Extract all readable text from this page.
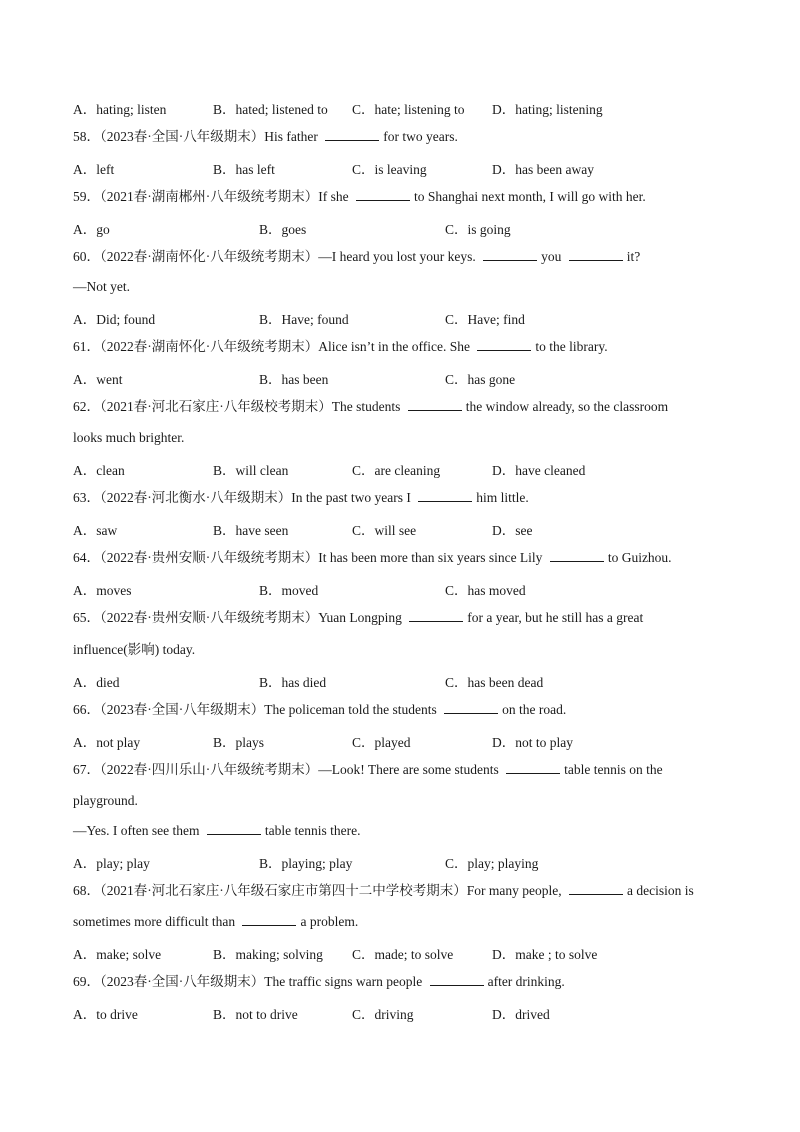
A．hating; listen	B．hated; listened to C．hate; listening to D．hating; listening
58．（2023春·全国·八年级期末）His father	for two years.
A．left	B．has left	C．is leaving	D．has been away
59．（2021春·湖南郴州·八年级统考期末）If she	to Shanghai next month, I will go with her.
A．go	B．goes	C．is going
60．（2022春·湖南怀化·八年级统考期末）—I heard you lost your keys.	you	it?
—Not yet.
A．Did; found	B．Have; found	C．Have; find
61．（2022春·湖南怀化·八年级统考期末）Alice isn’t in the office. She	to the library.
A．went	B．has been	C．has gone
62．（2021春·河北石家庄·八年级校考期末）The students	the window already, so the classroom
looks much brighter.
A．clean	B．will clean	C．are cleaning	D．have cleaned
63．（2022春·河北衡水·八年级期末）In the past two years I	him little.
A．saw	B．have seen	C．will see	D．see
64．（2022春·贵州安顺·八年级统考期末）It has been more than six years since Lily	to Guizhou.
A．moves	B．moved	C．has moved
65．（2022春·贵州安顺·八年级统考期末）Yuan Longping	for a year, but he still has a great
influence(影响) today.
A．died	B．has died	C．has been dead
66．（2023春·全国·八年级期末）The policeman told the students	on the road.
A．not play	B．plays	C．played	D．not to play
67．（2022春·四川乐山·八年级统考期末）—Look! There are some students	table tennis on the
playground.
—Yes. I often see them	table tennis there.
A．play; play	B．playing; play	C．play; playing
68．（2021春·河北石家庄·八年级石家庄市第四十二中学校考期末）For many people,	a decision is
sometimes more difficult than	a problem.
A．make; solve	B．making; solving C．made; to solve	D．make ; to solve
69．（2023春·全国·八年级期末）The traffic signs warn people	after drinking.
A．to drive	B．not to drive	C．driving	D．drived
